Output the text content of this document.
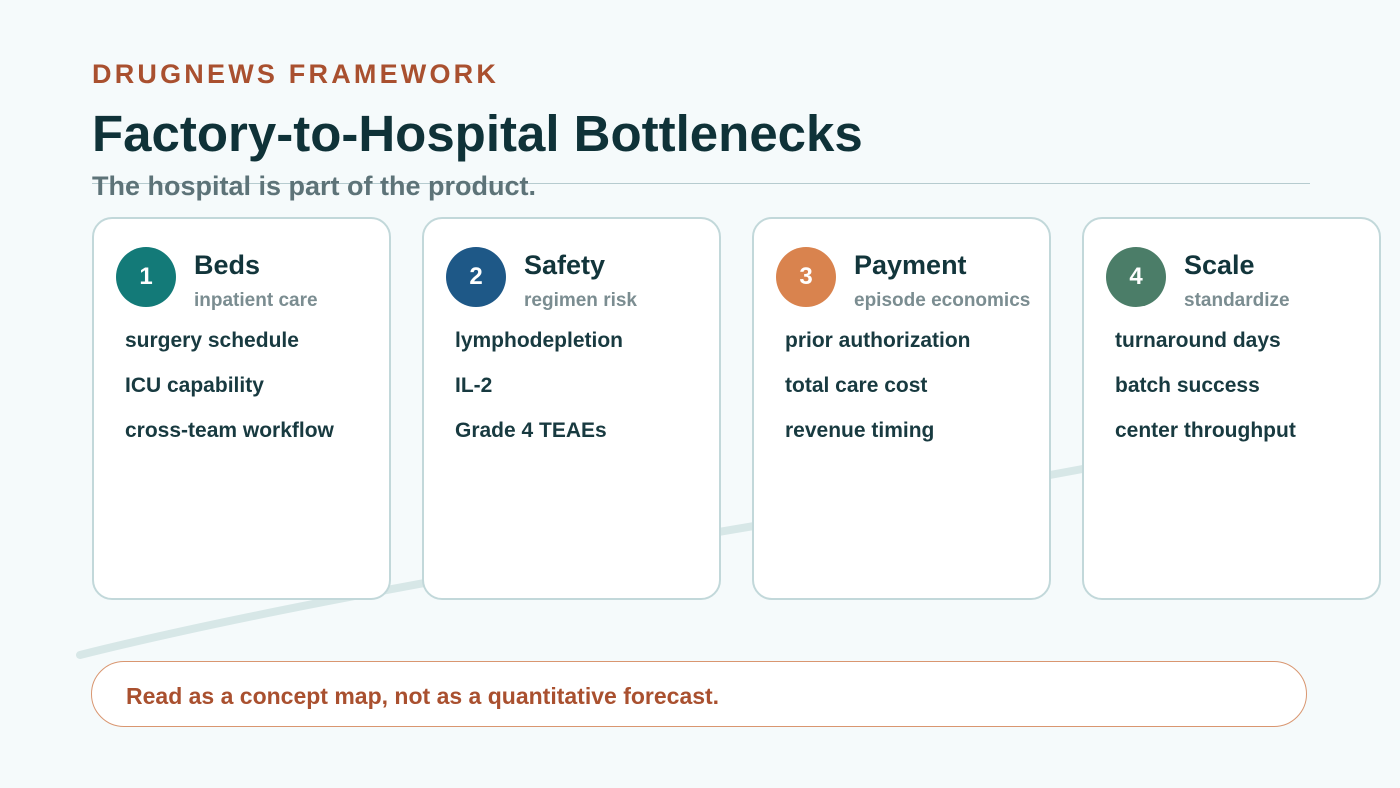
DRUGNEWS FRAMEWORK
Factory-to-Hospital Bottlenecks
The hospital is part of the product.
1	Beds
inpatient care
surgery schedule
ICU capability
cross-team workflow
2	Safety
regimen risk
lymphodepletion
IL-2
Grade 4 TEAEs
3	Payment
episode economics
prior authorization
total care cost
revenue timing
4	Scale
standardize
turnaround days
batch success
center throughput
Read as a concept map, not as a quantitative forecast.
